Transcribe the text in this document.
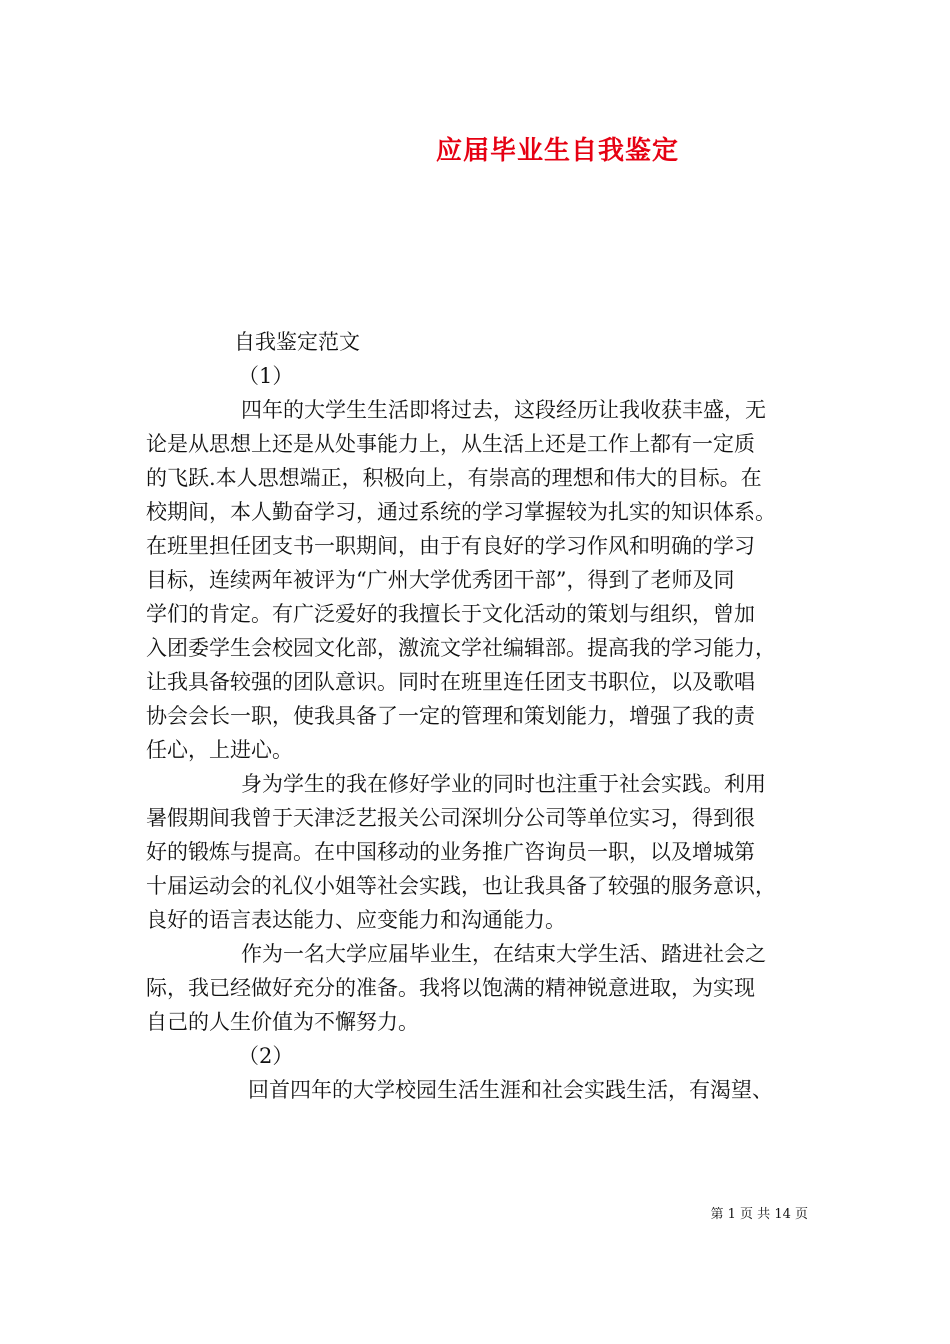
应届毕业生自我鉴定
自我鉴定范文
（1）
四年的大学生生活即将过去，这段经历让我收获丰盛，无
论是从思想上还是从处事能力上，从生活上还是工作上都有一定质
的飞跃.本人思想端正，积极向上，有崇高的理想和伟大的目标。在
校期间，本人勤奋学习，通过系统的学习掌握较为扎实的知识体系。
在班里担任团支书一职期间，由于有良好的学习作风和明确的学习
目标，连续两年被评为“广州大学优秀团干部”，得到了老师及同
学们的肯定。有广泛爱好的我擅长于文化活动的策划与组织，曾加
入团委学生会校园文化部，激流文学社编辑部。提高我的学习能力，
让我具备较强的团队意识。同时在班里连任团支书职位，以及歌唱
协会会长一职，使我具备了一定的管理和策划能力，增强了我的责
任心，上进心。
身为学生的我在修好学业的同时也注重于社会实践。利用
暑假期间我曾于天津泛艺报关公司深圳分公司等单位实习，得到很
好的锻炼与提高。在中国移动的业务推广咨询员一职，以及增城第
十届运动会的礼仪小姐等社会实践，也让我具备了较强的服务意识，
良好的语言表达能力、应变能力和沟通能力。
作为一名大学应届毕业生，在结束大学生活、踏进社会之
际，我已经做好充分的准备。我将以饱满的精神锐意进取，为实现
自己的人生价值为不懈努力。
（2）
回首四年的大学校园生活生涯和社会实践生活，有渴望、
第 1 页 共 14 页
